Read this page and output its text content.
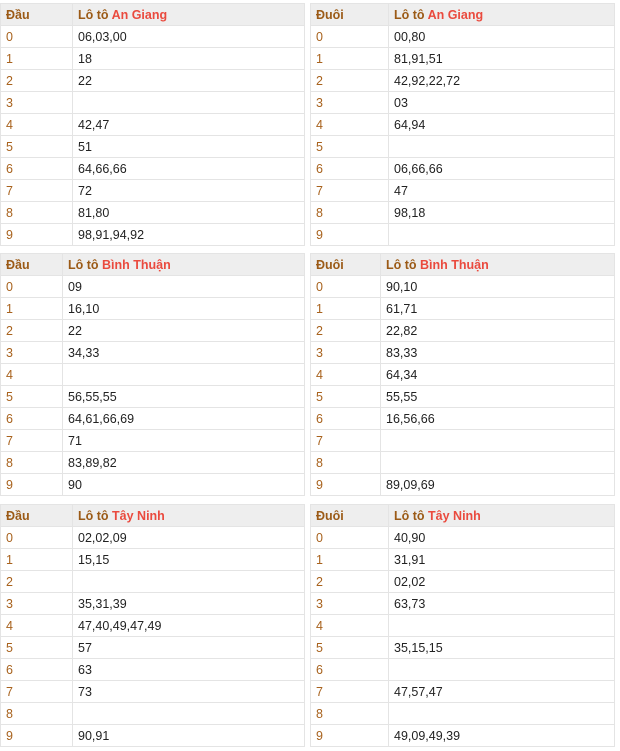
Đầu	Lô tô An Giang
0	06,03,00
1	18
2	22
3	
4	42,47
5	51
6	64,66,66
7	72
8	81,80
9	98,91,94,92
Đuôi	Lô tô An Giang
0	00,80
1	81,91,51
2	42,92,22,72
3	03
4	64,94
5	
6	06,66,66
7	47
8	98,18
9	
Đầu	Lô tô Bình Thuận
0	09
1	16,10
2	22
3	34,33
4	
5	56,55,55
6	64,61,66,69
7	71
8	83,89,82
9	90
Đuôi	Lô tô Bình Thuận
0	90,10
1	61,71
2	22,82
3	83,33
4	64,34
5	55,55
6	16,56,66
7	
8	
9	89,09,69
Đầu	Lô tô Tây Ninh
0	02,02,09
1	15,15
2	
3	35,31,39
4	47,40,49,47,49
5	57
6	63
7	73
8	
9	90,91
Đuôi	Lô tô Tây Ninh
0	40,90
1	31,91
2	02,02
3	63,73
4	
5	35,15,15
6	
7	47,57,47
8	
9	49,09,49,39
